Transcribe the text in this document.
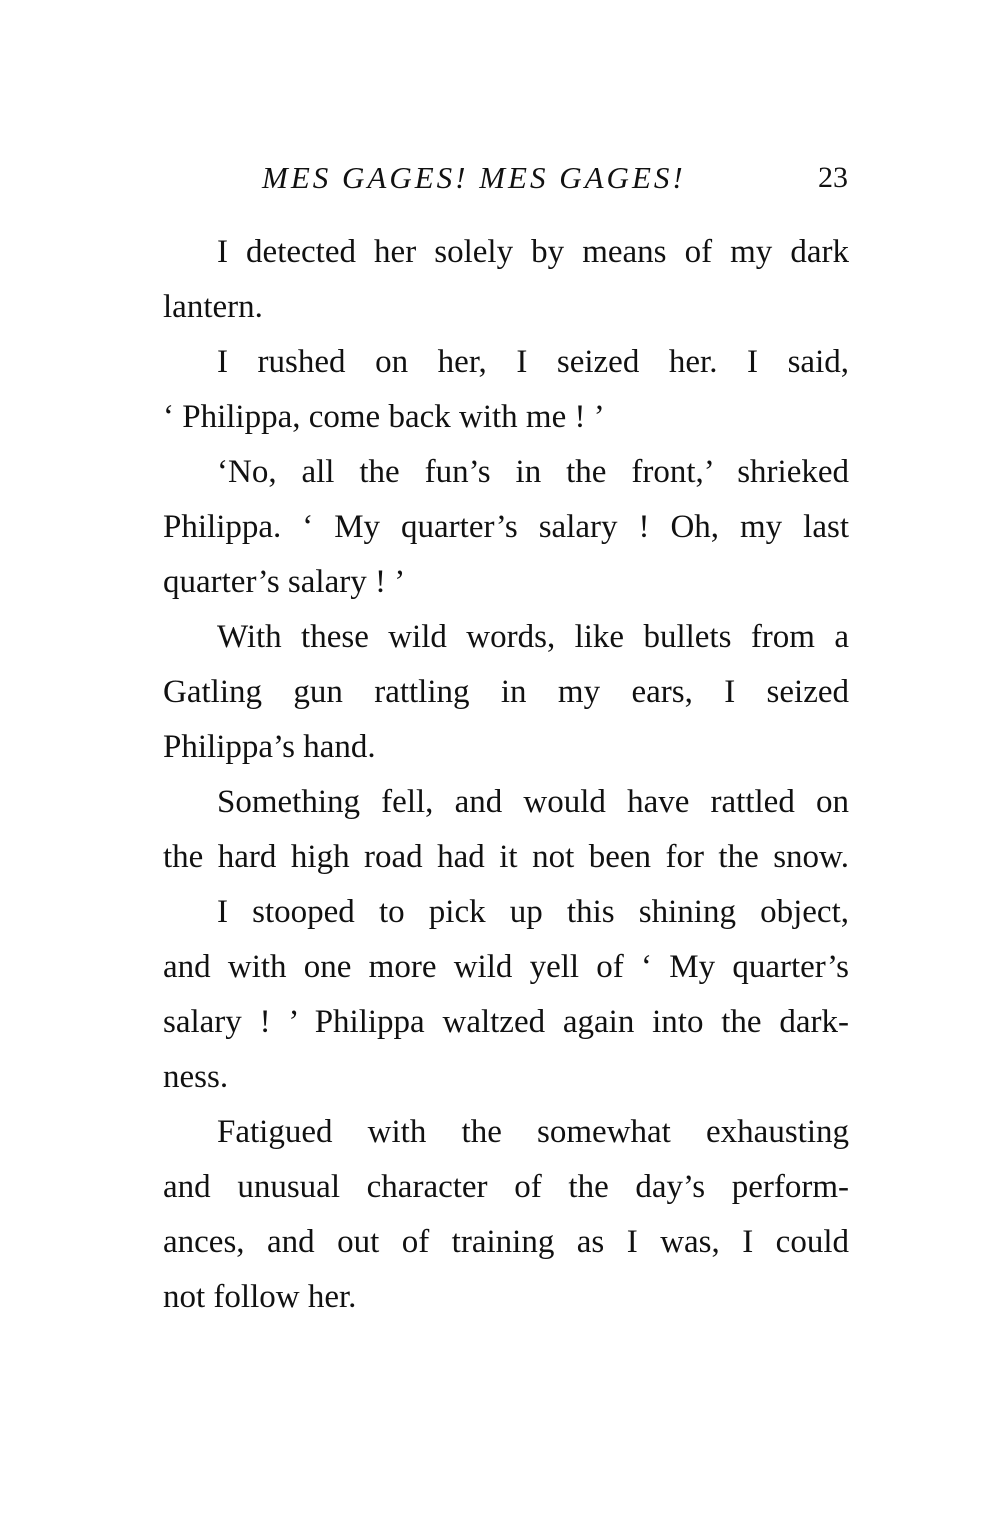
MES GAGES! MES GAGES!	23

I detected her solely by means of my dark
lantern.

I rushed on her, I seized her. I said,
‘ Philippa, come back with me ! ’

‘No, all the fun’s in the front,’ shrieked
Philippa. ‘ My quarter’s salary ! Oh, my last
quarter’s salary ! ’

With these wild words, like bullets from a
Gatling gun rattling in my ears, I seized
Philippa’s hand.

Something fell, and would have rattled on
the hard high road had it not been for the snow.

I stooped to pick up this shining object,
and with one more wild yell of ‘ My quarter’s
salary ! ’ Philippa waltzed again into the dark-
ness.

Fatigued with the somewhat exhausting
and unusual character of the day’s perform-
ances, and out of training as I was, I could
not follow her.
